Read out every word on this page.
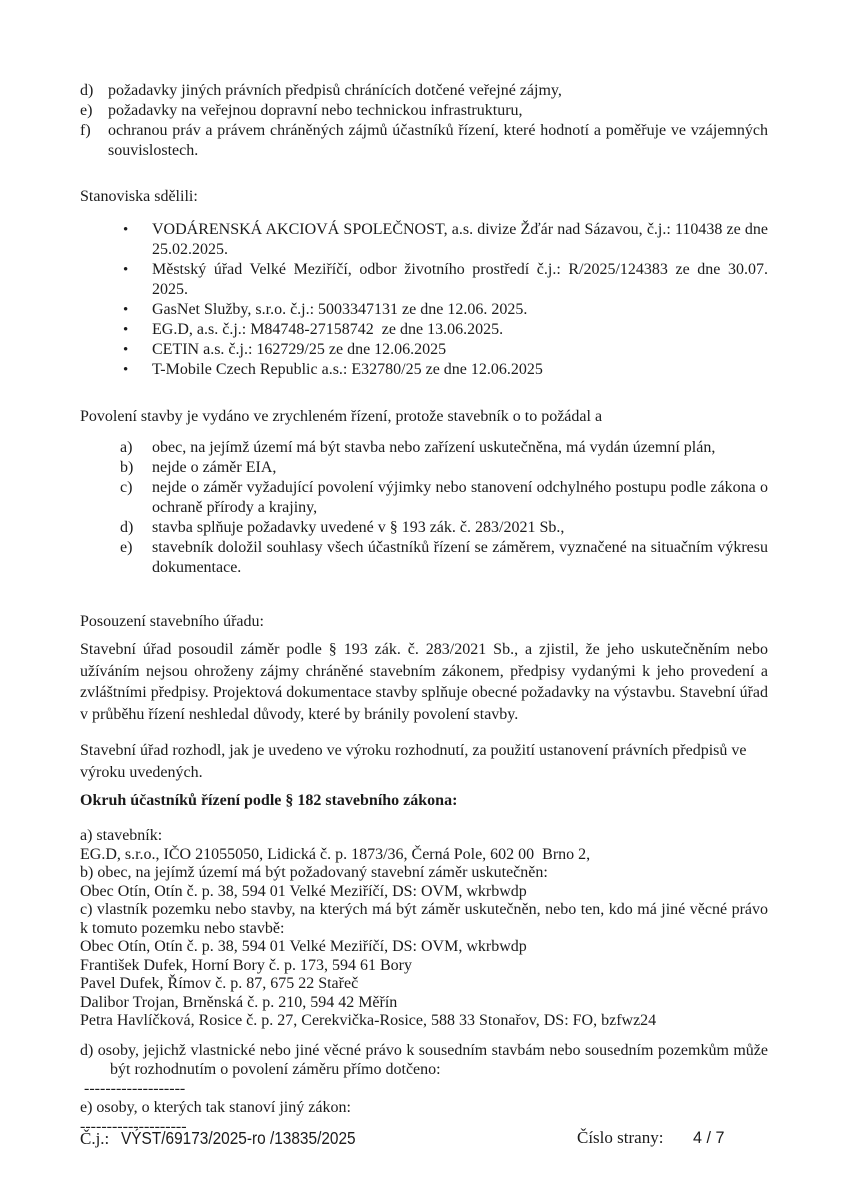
d) požadavky jiných právních předpisů chránících dotčené veřejné zájmy,
e) požadavky na veřejnou dopravní nebo technickou infrastrukturu,
f) ochranou práv a právem chráněných zájmů účastníků řízení, které hodnotí a poměřuje ve vzájemných souvislostech.
Stanoviska sdělili:
• VODÁRENSKÁ AKCIOVÁ SPOLEČNOST, a.s. divize Žďár nad Sázavou, č.j.: 110438 ze dne 25.02.2025.
• Městský úřad Velké Meziříčí, odbor životního prostředí č.j.: R/2025/124383 ze dne 30.07. 2025.
• GasNet Služby, s.r.o. č.j.: 5003347131 ze dne 12.06. 2025.
• EG.D, a.s. č.j.: M84748-27158742  ze dne 13.06.2025.
• CETIN a.s. č.j.: 162729/25 ze dne 12.06.2025
• T-Mobile Czech Republic a.s.: E32780/25 ze dne 12.06.2025
Povolení stavby je vydáno ve zrychleném řízení, protože stavebník o to požádal a
a) obec, na jejímž území má být stavba nebo zařízení uskutečněna, má vydán územní plán,
b) nejde o záměr EIA,
c) nejde o záměr vyžadující povolení výjimky nebo stanovení odchylného postupu podle zákona o ochraně přírody a krajiny,
d) stavba splňuje požadavky uvedené v § 193 zák. č. 283/2021 Sb.,
e) stavebník doložil souhlasy všech účastníků řízení se záměrem, vyznačené na situačním výkresu dokumentace.
Posouzení stavebního úřadu:
Stavební úřad posoudil záměr podle § 193 zák. č. 283/2021 Sb., a zjistil, že jeho uskutečněním nebo užíváním nejsou ohroženy zájmy chráněné stavebním zákonem, předpisy vydanými k jeho provedení a zvláštními předpisy. Projektová dokumentace stavby splňuje obecné požadavky na výstavbu. Stavební úřad v průběhu řízení neshledal důvody, které by bránily povolení stavby.
Stavební úřad rozhodl, jak je uvedeno ve výroku rozhodnutí, za použití ustanovení právních předpisů ve výroku uvedených.
Okruh účastníků řízení podle § 182 stavebního zákona:
a) stavebník:
EG.D, s.r.o., IČO 21055050, Lidická č. p. 1873/36, Černá Pole, 602 00  Brno 2,
b) obec, na jejímž území má být požadovaný stavební záměr uskutečněn:
Obec Otín, Otín č. p. 38, 594 01 Velké Meziříčí, DS: OVM, wkrbwdp
c) vlastník pozemku nebo stavby, na kterých má být záměr uskutečněn, nebo ten, kdo má jiné věcné právo k tomuto pozemku nebo stavbě:
Obec Otín, Otín č. p. 38, 594 01 Velké Meziříčí, DS: OVM, wkrbwdp
František Dufek, Horní Bory č. p. 173, 594 61 Bory
Pavel Dufek, Římov č. p. 87, 675 22 Stařeč
Dalibor Trojan, Brněnská č. p. 210, 594 42 Měřín
Petra Havlíčková, Rosice č. p. 27, Cerekvička-Rosice, 588 33 Stonařov, DS: FO, bzfwz24
d) osoby, jejichž vlastnické nebo jiné věcné právo k sousedním stavbám nebo sousedním pozemkům může být rozhodnutím o povolení záměru přímo dotčeno:
-------------------
e) osoby, o kterých tak stanoví jiný zákon:
--------------------
Č.j.: VÝST/69173/2025-ro /13835/2025	Číslo strany: 4 / 7
